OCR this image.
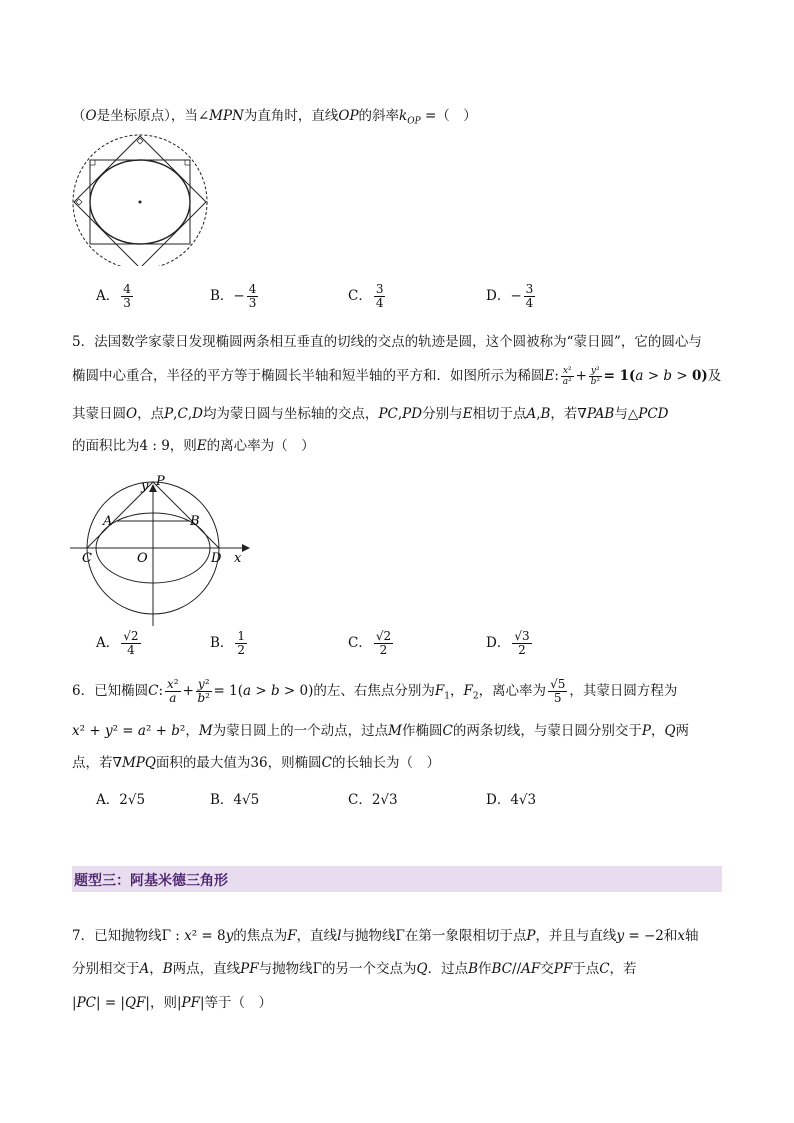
（O是坐标原点），当∠MPN为直角时，直线OP的斜率$k_{OP}$ =（　）
A． $\frac{4}{3}$	B．− $\frac{4}{3}$	C． $\frac{3}{4}$	D．− $\frac{3}{4}$
5．法国数学家蒙日发现椭圆两条相互垂直的切线的交点的轨迹是圆，这个圆被称为“蒙日圆”，它的圆心与
椭圆中心重合，半径的平方等于椭圆长半轴和短半轴的平方和．如图所示为稀圆E: $\frac{\text{x²}}{\text{a²}} + \frac{\text{y²}}{\text{b²}} = 1(a > b > 0)$及
其蒙日圆O，点P,C,D均为蒙日圆与坐标轴的交点，PC,PD分别与E相切于点A,B，若∇PAB与△PCD
的面积比为4 : 9，则E的离心率为（　）
y P
A	B
C	O	D x
A． $\frac{√2}{4}$	B． $\frac{1}{2}$	C． $\frac{√2}{2}$	D． $\frac{√3}{2}$
6．已知椭圆C: $\frac{\text{x²}}{a} + \frac{\text{y²}}{\text{b²}} = 1(a > b > 0)$的左、右焦点分别为$F_1$，$F_2$，离心率为 $\frac{√5}{5}$ ，其蒙日圆方程为
x² + y² = a² + b²，M为蒙日圆上的一个动点，过点M作椭圆C的两条切线，与蒙日圆分别交于P，Q两
点，若∇MPQ面积的最大值为36，则椭圆C的长轴长为（　）
A．2√5	B．4√5	C．2√3	D．4√3
题型三：阿基米德三角形
7．已知抛物线Γ : x² = 8y的焦点为F，直线l与抛物线Γ在第一象限相切于点P，并且与直线y = −2和x轴
分别相交于A，B两点，直线PF与抛物线Γ的另一个交点为Q．过点B作BC//AF交PF于点C，若
|PC| = |QF|，则|PF|等于（　）
